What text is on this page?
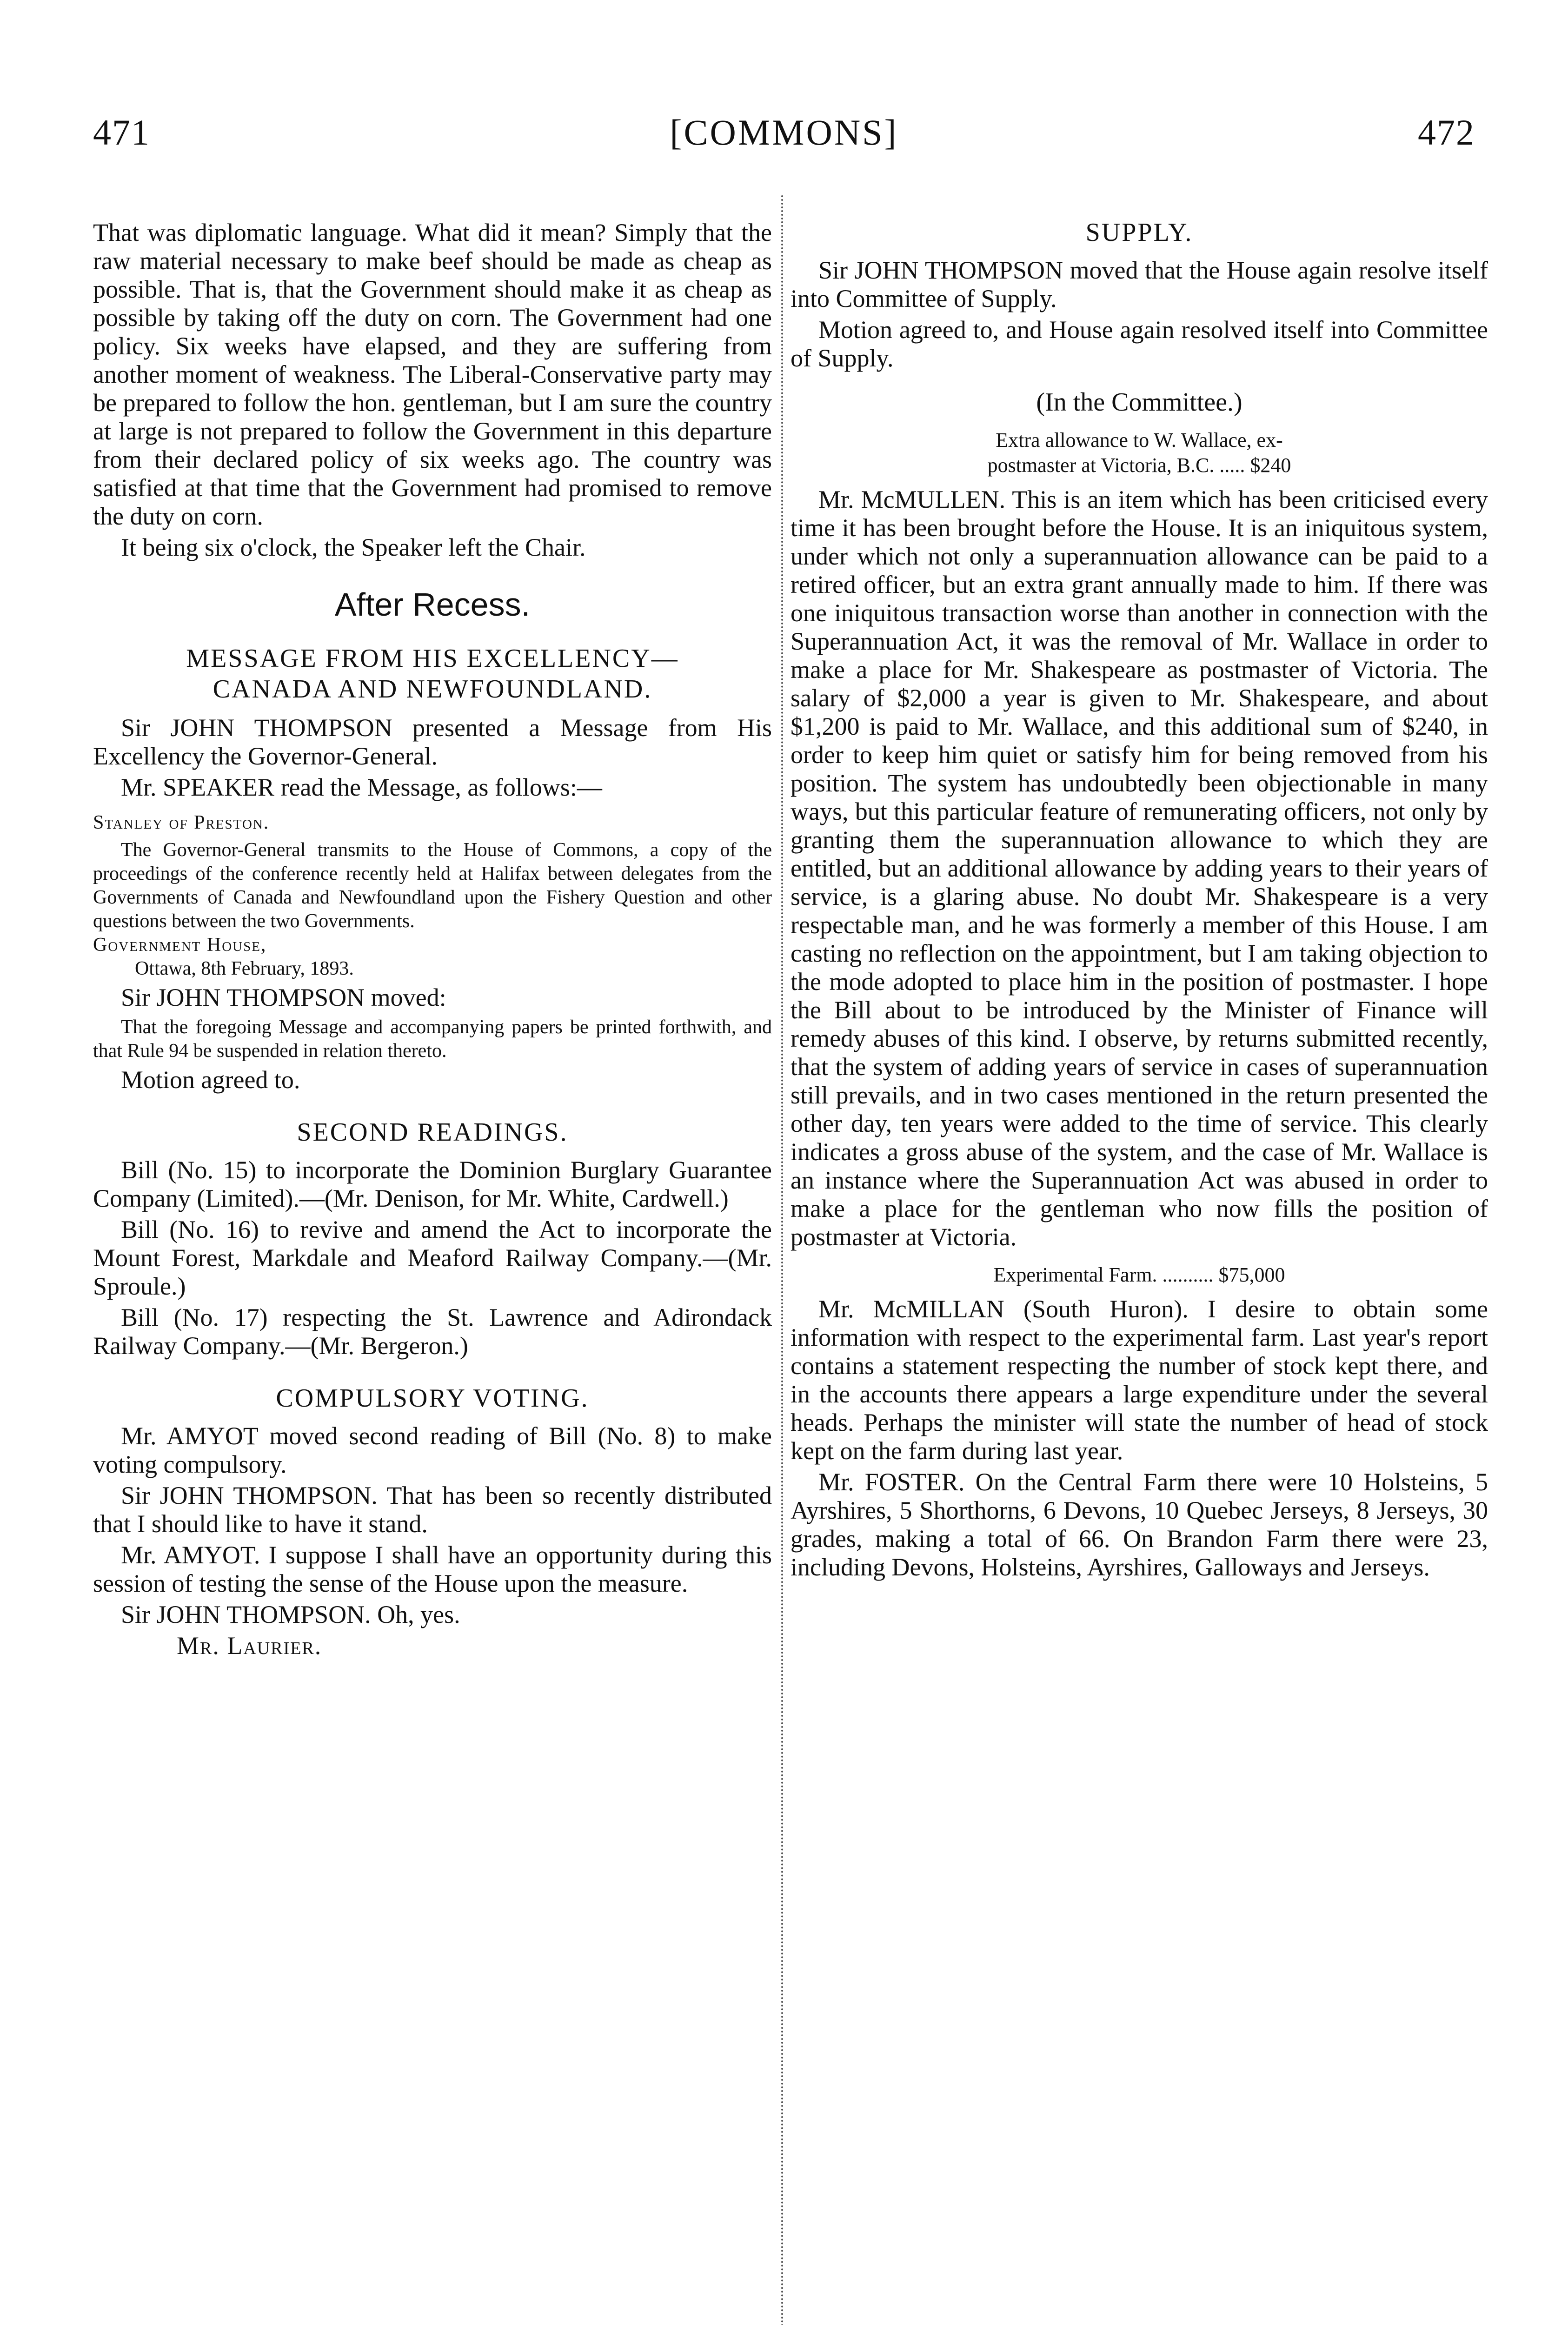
471	[COMMONS]	472

That was diplomatic language. What did it mean? Simply that the raw material necessary to make beef should be made as cheap as possible. That is, that the Government should make it as cheap as possible by taking off the duty on corn. The Government had one policy. Six weeks have elapsed, and they are suffering from another moment of weakness. The Liberal-Conservative party may be prepared to follow the hon. gentleman, but I am sure the country at large is not prepared to follow the Government in this departure from their declared policy of six weeks ago. The country was satisfied at that time that the Government had promised to remove the duty on corn.

It being six o'clock, the Speaker left the Chair.

After Recess.

MESSAGE FROM HIS EXCELLENCY—
CANADA AND NEWFOUNDLAND.

Sir JOHN THOMPSON presented a Message from His Excellency the Governor-General.

Mr. SPEAKER read the Message, as follows:—

Stanley of Preston.

The Governor-General transmits to the House of Commons, a copy of the proceedings of the conference recently held at Halifax between delegates from the Governments of Canada and Newfoundland upon the Fishery Question and other questions between the two Governments.

Government House,

Ottawa, 8th February, 1893.

Sir JOHN THOMPSON moved:

That the foregoing Message and accompanying papers be printed forthwith, and that Rule 94 be suspended in relation thereto.

Motion agreed to.

SECOND READINGS.

Bill (No. 15) to incorporate the Dominion Burglary Guarantee Company (Limited).—(Mr. Denison, for Mr. White, Cardwell.)

Bill (No. 16) to revive and amend the Act to incorporate the Mount Forest, Markdale and Meaford Railway Company.—(Mr. Sproule.)

Bill (No. 17) respecting the St. Lawrence and Adirondack Railway Company.—(Mr. Bergeron.)

COMPULSORY VOTING.

Mr. AMYOT moved second reading of Bill (No. 8) to make voting compulsory.

Sir JOHN THOMPSON. That has been so recently distributed that I should like to have it stand.

Mr. AMYOT. I suppose I shall have an opportunity during this session of testing the sense of the House upon the measure.

Sir JOHN THOMPSON. Oh, yes.

Mr. Laurier.

SUPPLY.

Sir JOHN THOMPSON moved that the House again resolve itself into Committee of Supply.

Motion agreed to, and House again resolved itself into Committee of Supply.

(In the Committee.)

Extra allowance to W. Wallace, ex-
postmaster at Victoria, B.C. ..... $240

Mr. McMULLEN. This is an item which has been criticised every time it has been brought before the House. It is an iniquitous system, under which not only a superannuation allowance can be paid to a retired officer, but an extra grant annually made to him. If there was one iniquitous transaction worse than another in connection with the Superannuation Act, it was the removal of Mr. Wallace in order to make a place for Mr. Shakespeare as postmaster of Victoria. The salary of $2,000 a year is given to Mr. Shakespeare, and about $1,200 is paid to Mr. Wallace, and this additional sum of $240, in order to keep him quiet or satisfy him for being removed from his position. The system has undoubtedly been objectionable in many ways, but this particular feature of remunerating officers, not only by granting them the superannuation allowance to which they are entitled, but an additional allowance by adding years to their years of service, is a glaring abuse. No doubt Mr. Shakespeare is a very respectable man, and he was formerly a member of this House. I am casting no reflection on the appointment, but I am taking objection to the mode adopted to place him in the position of postmaster. I hope the Bill about to be introduced by the Minister of Finance will remedy abuses of this kind. I observe, by returns submitted recently, that the system of adding years of service in cases of superannuation still prevails, and in two cases mentioned in the return presented the other day, ten years were added to the time of service. This clearly indicates a gross abuse of the system, and the case of Mr. Wallace is an instance where the Superannuation Act was abused in order to make a place for the gentleman who now fills the position of postmaster at Victoria.

Experimental Farm. .......... $75,000

Mr. McMILLAN (South Huron). I desire to obtain some information with respect to the experimental farm. Last year's report contains a statement respecting the number of stock kept there, and in the accounts there appears a large expenditure under the several heads. Perhaps the minister will state the number of head of stock kept on the farm during last year.

Mr. FOSTER. On the Central Farm there were 10 Holsteins, 5 Ayrshires, 5 Shorthorns, 6 Devons, 10 Quebec Jerseys, 8 Jerseys, 30 grades, making a total of 66. On Brandon Farm there were 23, including Devons, Holsteins, Ayrshires, Galloways and Jerseys.
